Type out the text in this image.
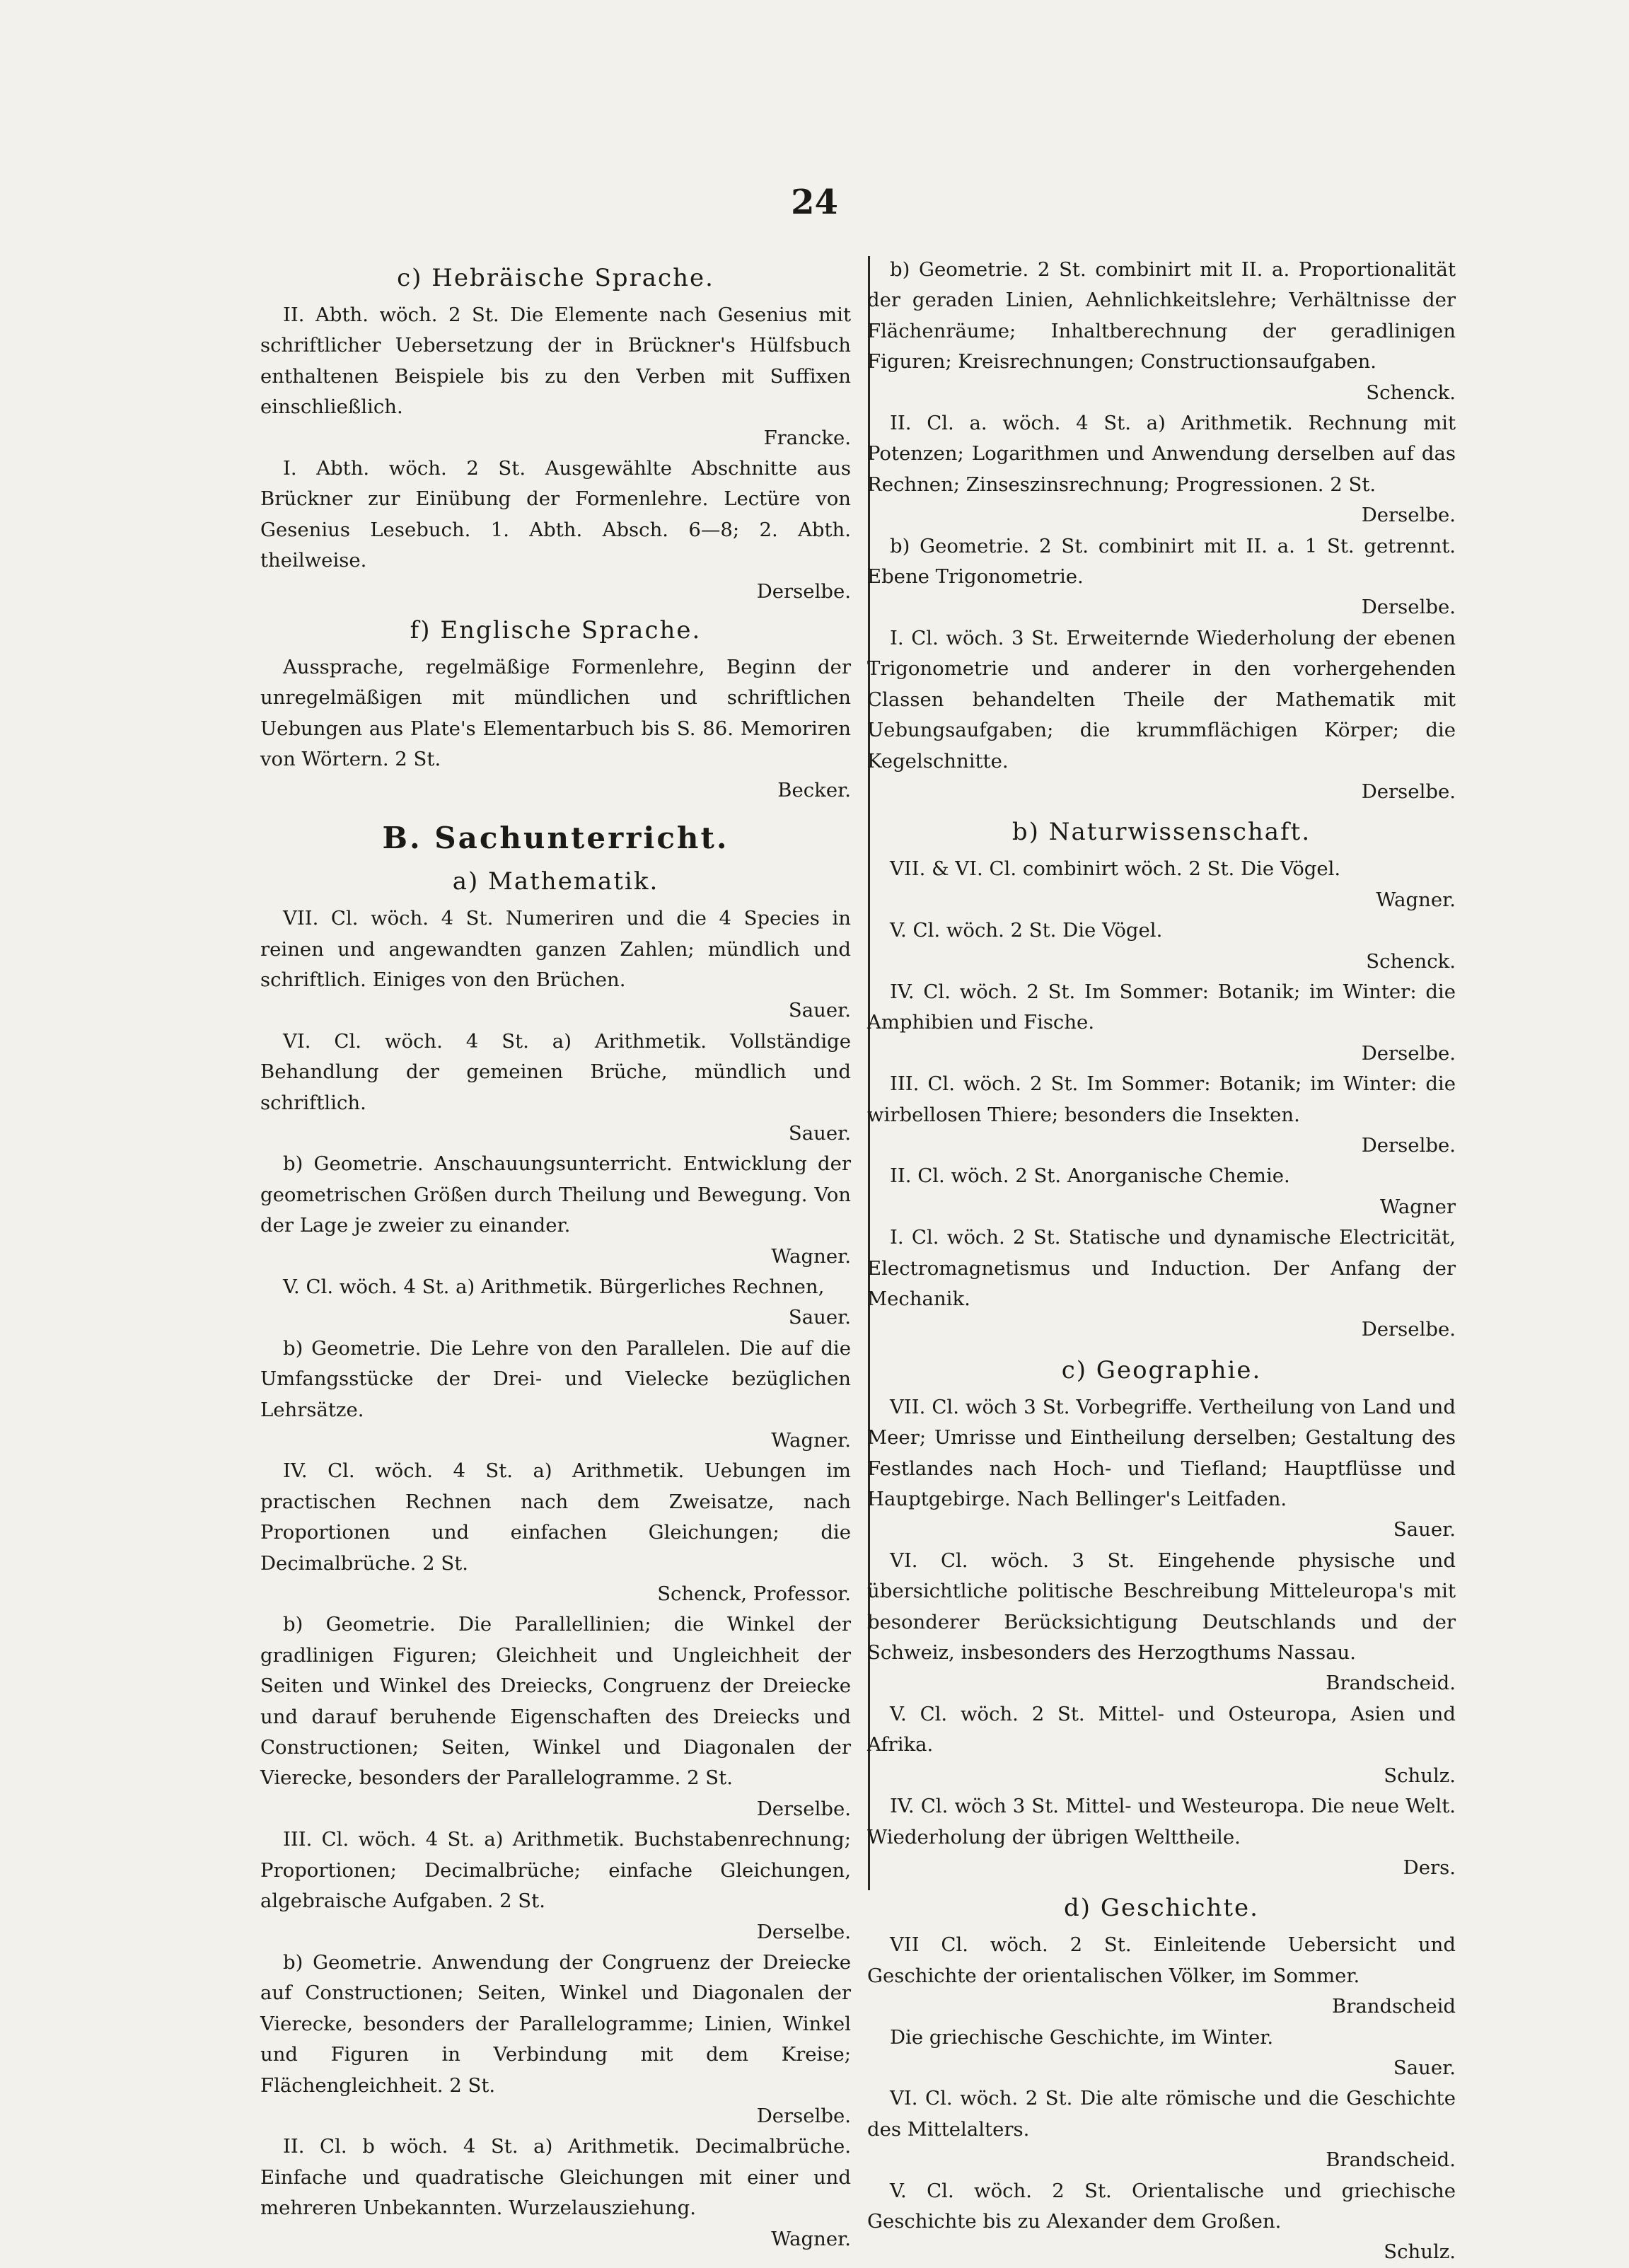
24
c) Hebräische Sprache.

II. Abth. wöch. 2 St. Die Elemente nach Gesenius mit schriftlicher Uebersetzung der in Brückner's Hülfsbuch enthaltenen Beispiele bis zu den Verben mit Suffixen einschließlich.
Francke.

I. Abth. wöch. 2 St. Ausgewählte Abschnitte aus Brückner zur Einübung der Formenlehre. Lectüre von Gesenius Lesebuch. 1. Abth. Absch. 6—8; 2. Abth. theilweise.
Derselbe.

f) Englische Sprache.

Aussprache, regelmäßige Formenlehre, Beginn der unregelmäßigen mit mündlichen und schriftlichen Uebungen aus Plate's Elementarbuch bis S. 86. Memoriren von Wörtern. 2 St.
Becker.

B. Sachunterricht.
a) Mathematik.

VII. Cl. wöch. 4 St. Numeriren und die 4 Species in reinen und angewandten ganzen Zahlen; mündlich und schriftlich. Einiges von den Brüchen.
Sauer.

VI. Cl. wöch. 4 St. a) Arithmetik. Vollständige Behandlung der gemeinen Brüche, mündlich und schriftlich.
Sauer.

b) Geometrie. Anschauungsunterricht. Entwicklung der geometrischen Größen durch Theilung und Bewegung. Von der Lage je zweier zu einander.
Wagner.

V. Cl. wöch. 4 St. a) Arithmetik. Bürgerliches Rechnen,
Sauer.

b) Geometrie. Die Lehre von den Parallelen. Die auf die Umfangsstücke der Drei- und Vielecke bezüglichen Lehrsätze.
Wagner.

IV. Cl. wöch. 4 St. a) Arithmetik. Uebungen im practischen Rechnen nach dem Zweisatze, nach Proportionen und einfachen Gleichungen; die Decimalbrüche. 2 St.
Schenck, Professor.

b) Geometrie. Die Parallellinien; die Winkel der gradlinigen Figuren; Gleichheit und Ungleichheit der Seiten und Winkel des Dreiecks, Congruenz der Dreiecke und darauf beruhende Eigenschaften des Dreiecks und Constructionen; Seiten, Winkel und Diagonalen der Vierecke, besonders der Parallelogramme. 2 St.
Derselbe.

III. Cl. wöch. 4 St. a) Arithmetik. Buchstabenrechnung; Proportionen; Decimalbrüche; einfache Gleichungen, algebraische Aufgaben. 2 St.
Derselbe.

b) Geometrie. Anwendung der Congruenz der Dreiecke auf Constructionen; Seiten, Winkel und Diagonalen der Vierecke, besonders der Parallelogramme; Linien, Winkel und Figuren in Verbindung mit dem Kreise; Flächengleichheit. 2 St.
Derselbe.

II. Cl. b wöch. 4 St. a) Arithmetik. Decimalbrüche. Einfache und quadratische Gleichungen mit einer und mehreren Unbekannten. Wurzelausziehung.
Wagner.

b) Geometrie. 2 St. combinirt mit II. a. Proportionalität der geraden Linien, Aehnlichkeitslehre; Verhältnisse der Flächenräume; Inhaltberechnung der geradlinigen Figuren; Kreisrechnungen; Constructionsaufgaben.
Schenck.

II. Cl. a. wöch. 4 St. a) Arithmetik. Rechnung mit Potenzen; Logarithmen und Anwendung derselben auf das Rechnen; Zinseszinsrechnung; Progressionen. 2 St.
Derselbe.

b) Geometrie. 2 St. combinirt mit II. a. 1 St. getrennt. Ebene Trigonometrie.
Derselbe.

I. Cl. wöch. 3 St. Erweiternde Wiederholung der ebenen Trigonometrie und anderer in den vorhergehenden Classen behandelten Theile der Mathematik mit Uebungsaufgaben; die krummflächigen Körper; die Kegelschnitte.
Derselbe.

b) Naturwissenschaft.

VII. & VI. Cl. combinirt wöch. 2 St. Die Vögel.
Wagner.

V. Cl. wöch. 2 St. Die Vögel.
Schenck.

IV. Cl. wöch. 2 St. Im Sommer: Botanik; im Winter: die Amphibien und Fische.
Derselbe.

III. Cl. wöch. 2 St. Im Sommer: Botanik; im Winter: die wirbellosen Thiere; besonders die Insekten.
Derselbe.

II. Cl. wöch. 2 St. Anorganische Chemie.
Wagner

I. Cl. wöch. 2 St. Statische und dynamische Electricität, Electromagnetismus und Induction. Der Anfang der Mechanik.
Derselbe.

c) Geographie.

VII. Cl. wöch 3 St. Vorbegriffe. Vertheilung von Land und Meer; Umrisse und Eintheilung derselben; Gestaltung des Festlandes nach Hoch- und Tiefland; Hauptflüsse und Hauptgebirge. Nach Bellinger's Leitfaden.
Sauer.

VI. Cl. wöch. 3 St. Eingehende physische und übersichtliche politische Beschreibung Mitteleuropa's mit besonderer Berücksichtigung Deutschlands und der Schweiz, insbesonders des Herzogthums Nassau.
Brandscheid.

V. Cl. wöch. 2 St. Mittel- und Osteuropa, Asien und Afrika.
Schulz.

IV. Cl. wöch 3 St. Mittel- und Westeuropa. Die neue Welt. Wiederholung der übrigen Welttheile.
Ders.

d) Geschichte.

VII Cl. wöch. 2 St. Einleitende Uebersicht und Geschichte der orientalischen Völker, im Sommer.
Brandscheid

Die griechische Geschichte, im Winter.
Sauer.

VI. Cl. wöch. 2 St. Die alte römische und die Geschichte des Mittelalters.
Brandscheid.

V. Cl. wöch. 2 St. Orientalische und griechische Geschichte bis zu Alexander dem Großen.
Schulz.
